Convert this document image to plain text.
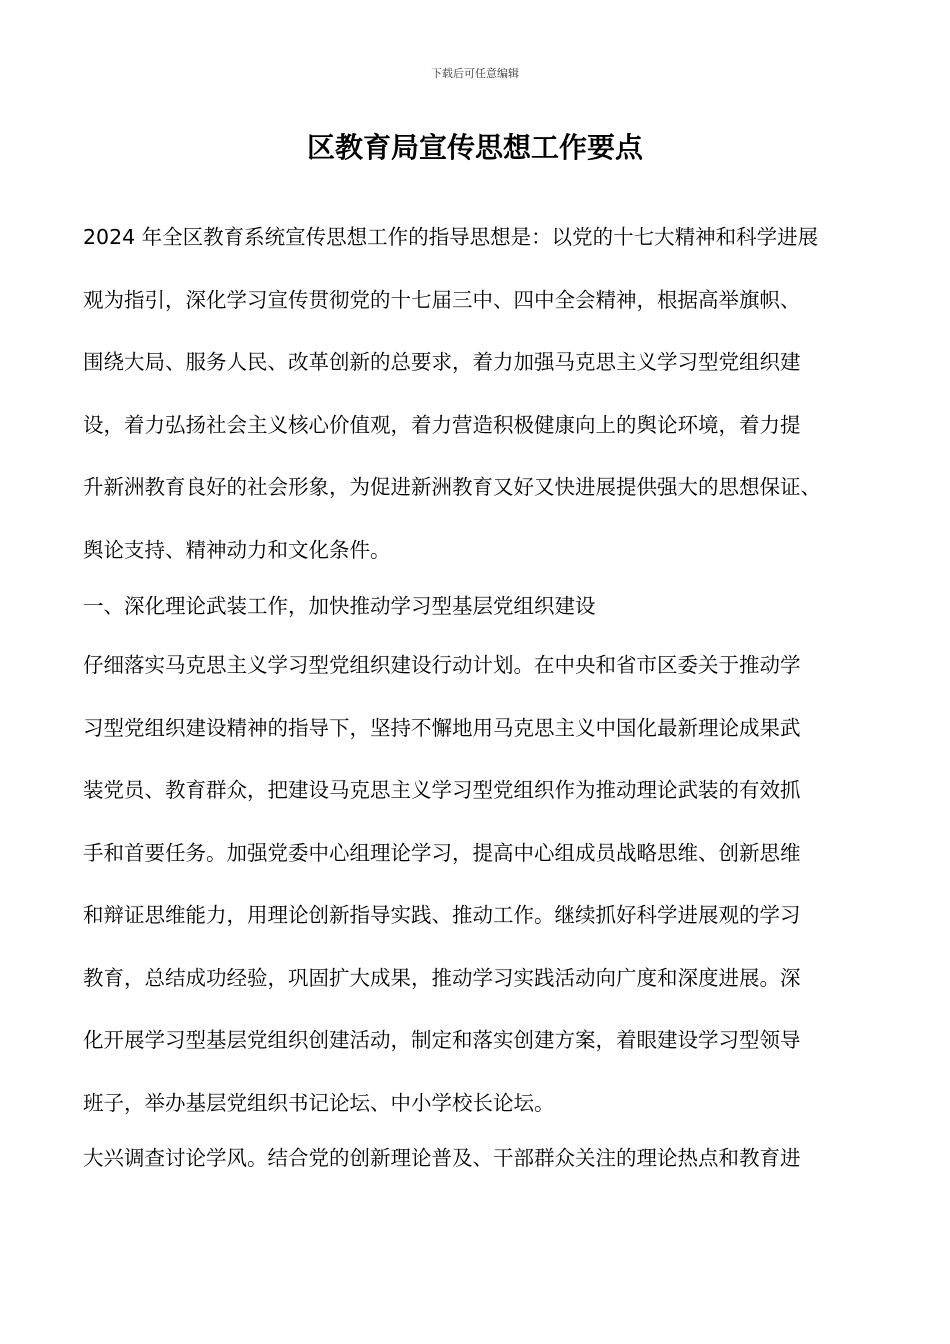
下载后可任意编辑
区教育局宣传思想工作要点
2024 年全区教育系统宣传思想工作的指导思想是：以党的十七大精神和科学进展
观为指引，深化学习宣传贯彻党的十七届三中、四中全会精神，根据高举旗帜、
围绕大局、服务人民、改革创新的总要求，着力加强马克思主义学习型党组织建
设，着力弘扬社会主义核心价值观，着力营造积极健康向上的舆论环境，着力提
升新洲教育良好的社会形象，为促进新洲教育又好又快进展提供强大的思想保证、
舆论支持、精神动力和文化条件。
一、深化理论武装工作，加快推动学习型基层党组织建设
仔细落实马克思主义学习型党组织建设行动计划。在中央和省市区委关于推动学
习型党组织建设精神的指导下，坚持不懈地用马克思主义中国化最新理论成果武
装党员、教育群众，把建设马克思主义学习型党组织作为推动理论武装的有效抓
手和首要任务。加强党委中心组理论学习，提高中心组成员战略思维、创新思维
和辩证思维能力，用理论创新指导实践、推动工作。继续抓好科学进展观的学习
教育，总结成功经验，巩固扩大成果，推动学习实践活动向广度和深度进展。深
化开展学习型基层党组织创建活动，制定和落实创建方案，着眼建设学习型领导
班子，举办基层党组织书记论坛、中小学校长论坛。
大兴调查讨论学风。结合党的创新理论普及、干部群众关注的理论热点和教育进
